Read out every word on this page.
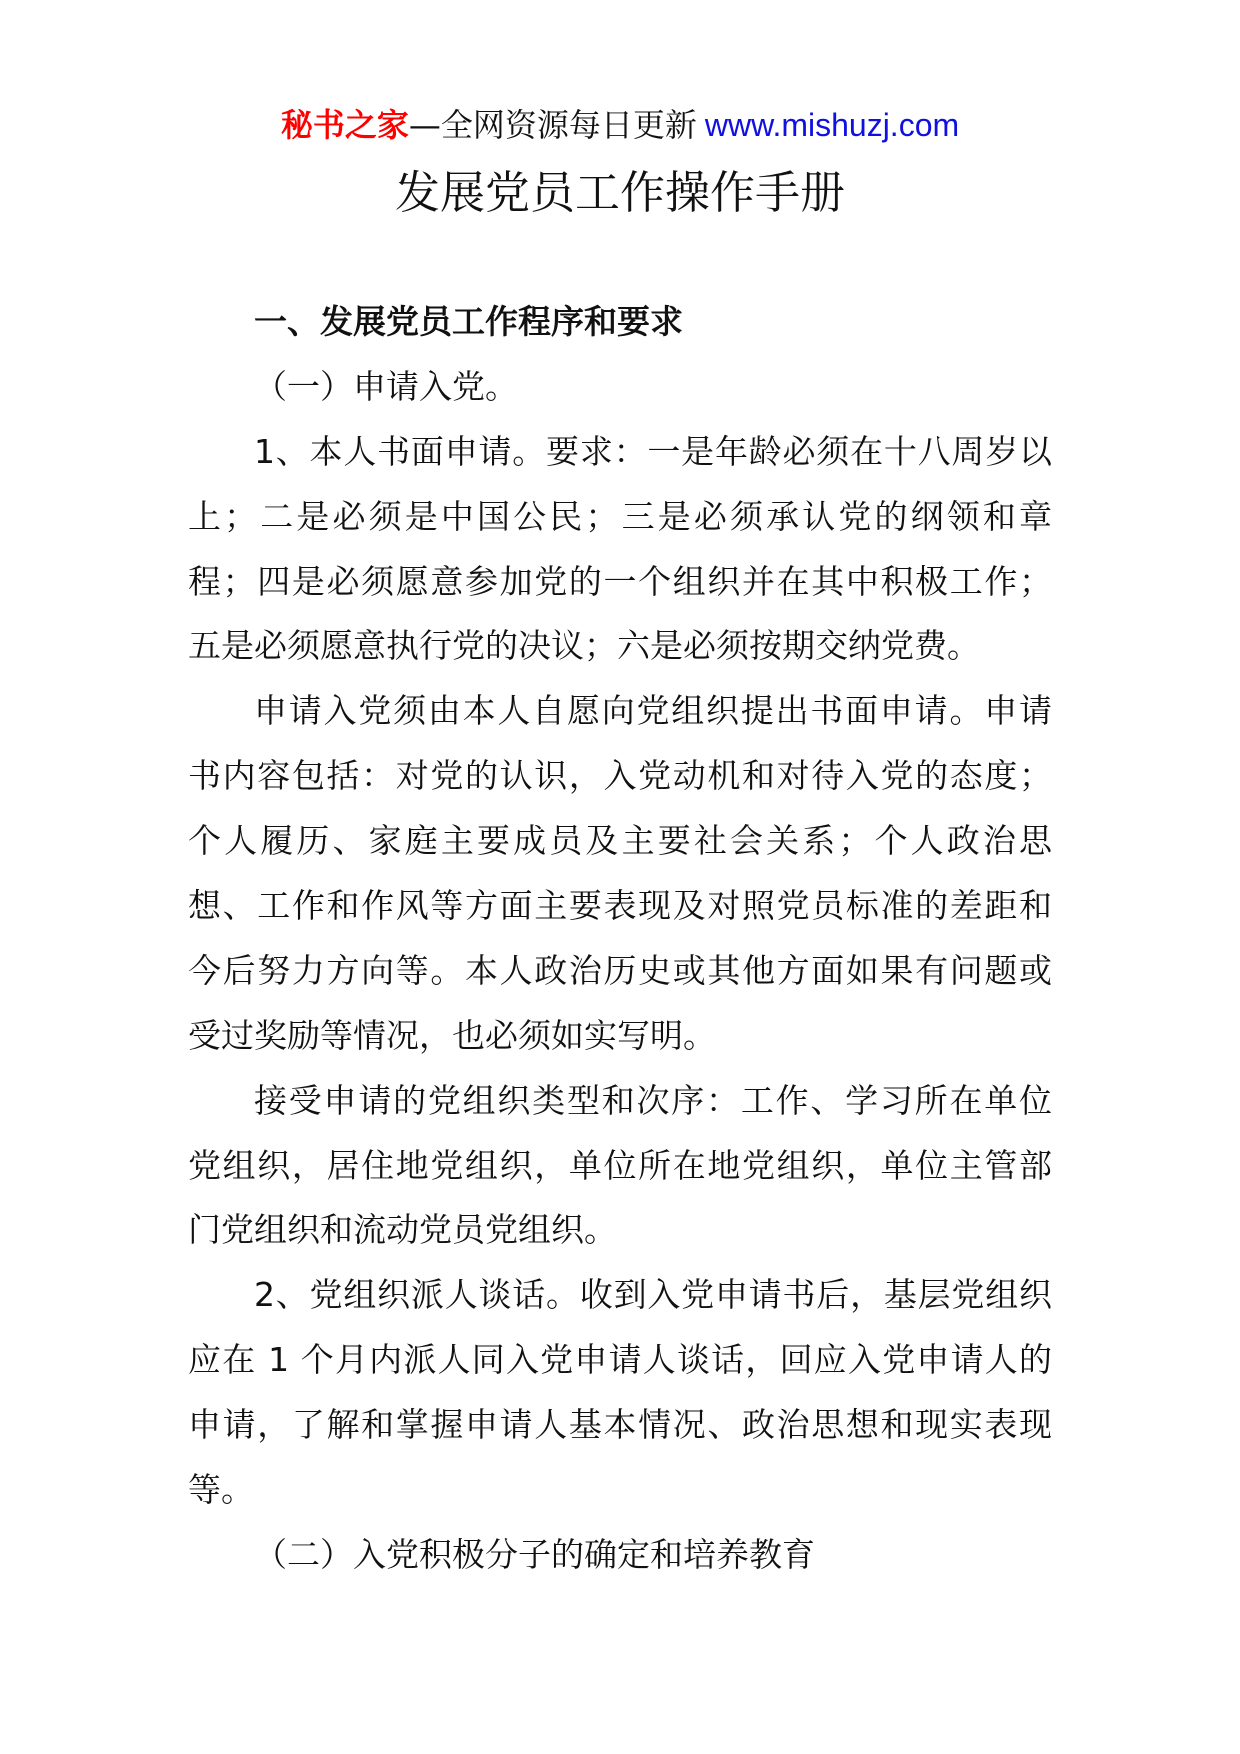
秘书之家—全网资源每日更新 www.mishuzj.com
发展党员工作操作手册
一、发展党员工作程序和要求
（一）申请入党。
1、本人书面申请。要求：一是年龄必须在十八周岁以
上；二是必须是中国公民；三是必须承认党的纲领和章
程；四是必须愿意参加党的一个组织并在其中积极工作；
五是必须愿意执行党的决议；六是必须按期交纳党费。
申请入党须由本人自愿向党组织提出书面申请。申请
书内容包括：对党的认识，入党动机和对待入党的态度；
个人履历、家庭主要成员及主要社会关系；个人政治思
想、工作和作风等方面主要表现及对照党员标准的差距和
今后努力方向等。本人政治历史或其他方面如果有问题或
受过奖励等情况，也必须如实写明。
接受申请的党组织类型和次序：工作、学习所在单位
党组织，居住地党组织，单位所在地党组织，单位主管部
门党组织和流动党员党组织。
2、党组织派人谈话。收到入党申请书后，基层党组织
应在 1 个月内派人同入党申请人谈话，回应入党申请人的
申请，了解和掌握申请人基本情况、政治思想和现实表现
等。
（二）入党积极分子的确定和培养教育
